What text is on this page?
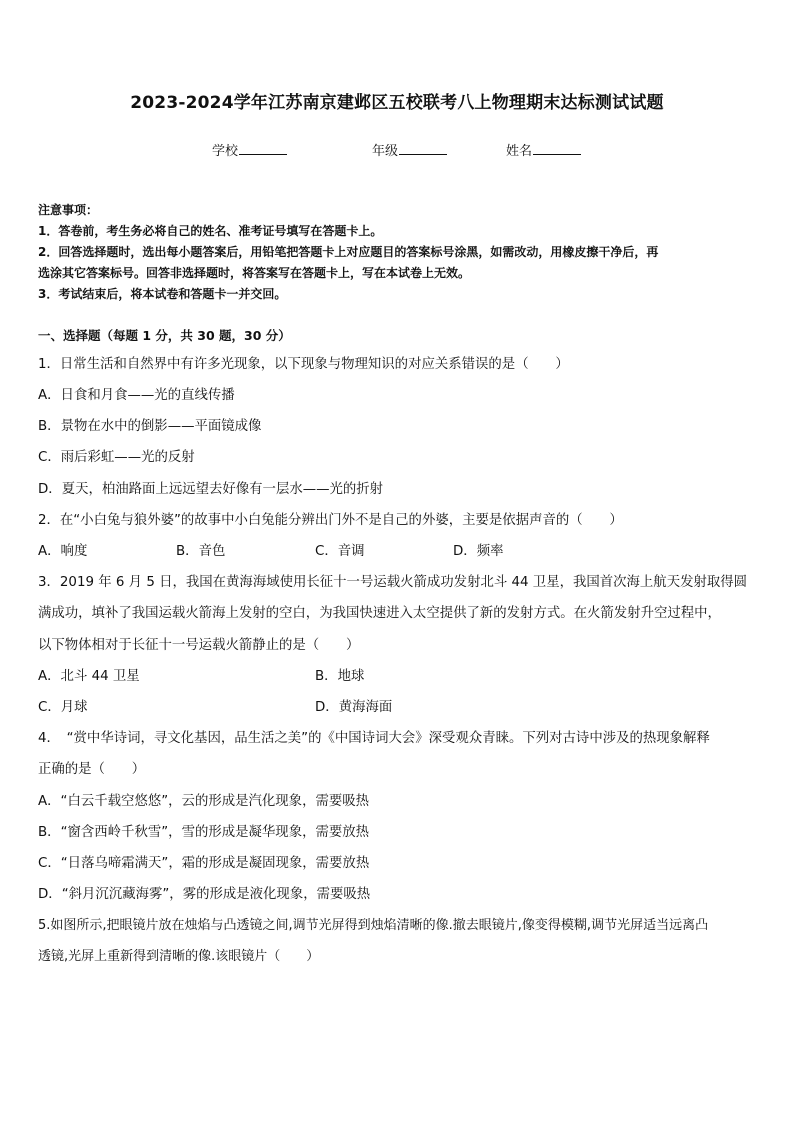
2023-2024学年江苏南京建邺区五校联考八上物理期末达标测试试题
学校	年级	姓名
注意事项：
1．答卷前，考生务必将自己的姓名、准考证号填写在答题卡上。
2．回答选择题时，选出每小题答案后，用铅笔把答题卡上对应题目的答案标号涂黑，如需改动，用橡皮擦干净后，再
选涂其它答案标号。回答非选择题时，将答案写在答题卡上，写在本试卷上无效。
3．考试结束后，将本试卷和答题卡一并交回。
一、选择题（每题 1 分，共 30 题，30 分）
1．日常生活和自然界中有许多光现象，以下现象与物理知识的对应关系错误的是（　　）
A．日食和月食——光的直线传播
B．景物在水中的倒影——平面镜成像
C．雨后彩虹——光的反射
D．夏天，柏油路面上远远望去好像有一层水——光的折射
2．在“小白兔与狼外婆”的故事中小白兔能分辨出门外不是自己的外婆，主要是依据声音的（　　）
A．响度	B．音色	C．音调	D．频率
3．2019 年 6 月 5 日，我国在黄海海域使用长征十一号运载火箭成功发射北斗 44 卫星，我国首次海上航天发射取得圆
满成功，填补了我国运载火箭海上发射的空白，为我国快速进入太空提供了新的发射方式。在火箭发射升空过程中，
以下物体相对于长征十一号运载火箭静止的是（　　）
A．北斗 44 卫星	B．地球
C．月球	D．黄海海面
4．　“赏中华诗词，寻文化基因，品生活之美”的《中国诗词大会》深受观众青睐。下列对古诗中涉及的热现象解释
正确的是（　　）
A．“白云千载空悠悠”，云的形成是汽化现象，需要吸热
B．“窗含西岭千秋雪”，雪的形成是凝华现象，需要放热
C．“日落乌啼霜满天”，霜的形成是凝固现象，需要放热
D．“斜月沉沉藏海雾”，雾的形成是液化现象，需要吸热
5.如图所示,把眼镜片放在烛焰与凸透镜之间,调节光屏得到烛焰清晰的像.撤去眼镜片,像变得模糊,调节光屏适当远离凸
透镜,光屏上重新得到清晰的像.该眼镜片（　　）
